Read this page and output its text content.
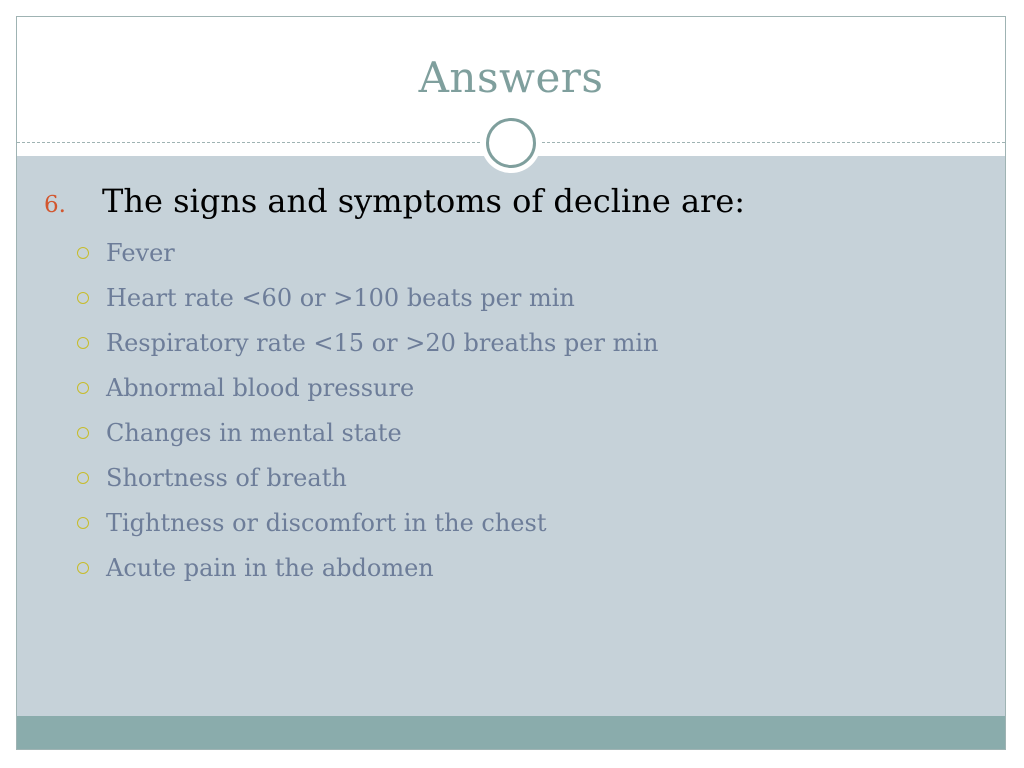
Answers
6.	The signs and symptoms of decline are:
Fever
Heart rate <60 or >100 beats per min
Respiratory rate <15 or >20 breaths per min
Abnormal blood pressure
Changes in mental state
Shortness of breath
Tightness or discomfort in the chest
Acute pain in the abdomen
